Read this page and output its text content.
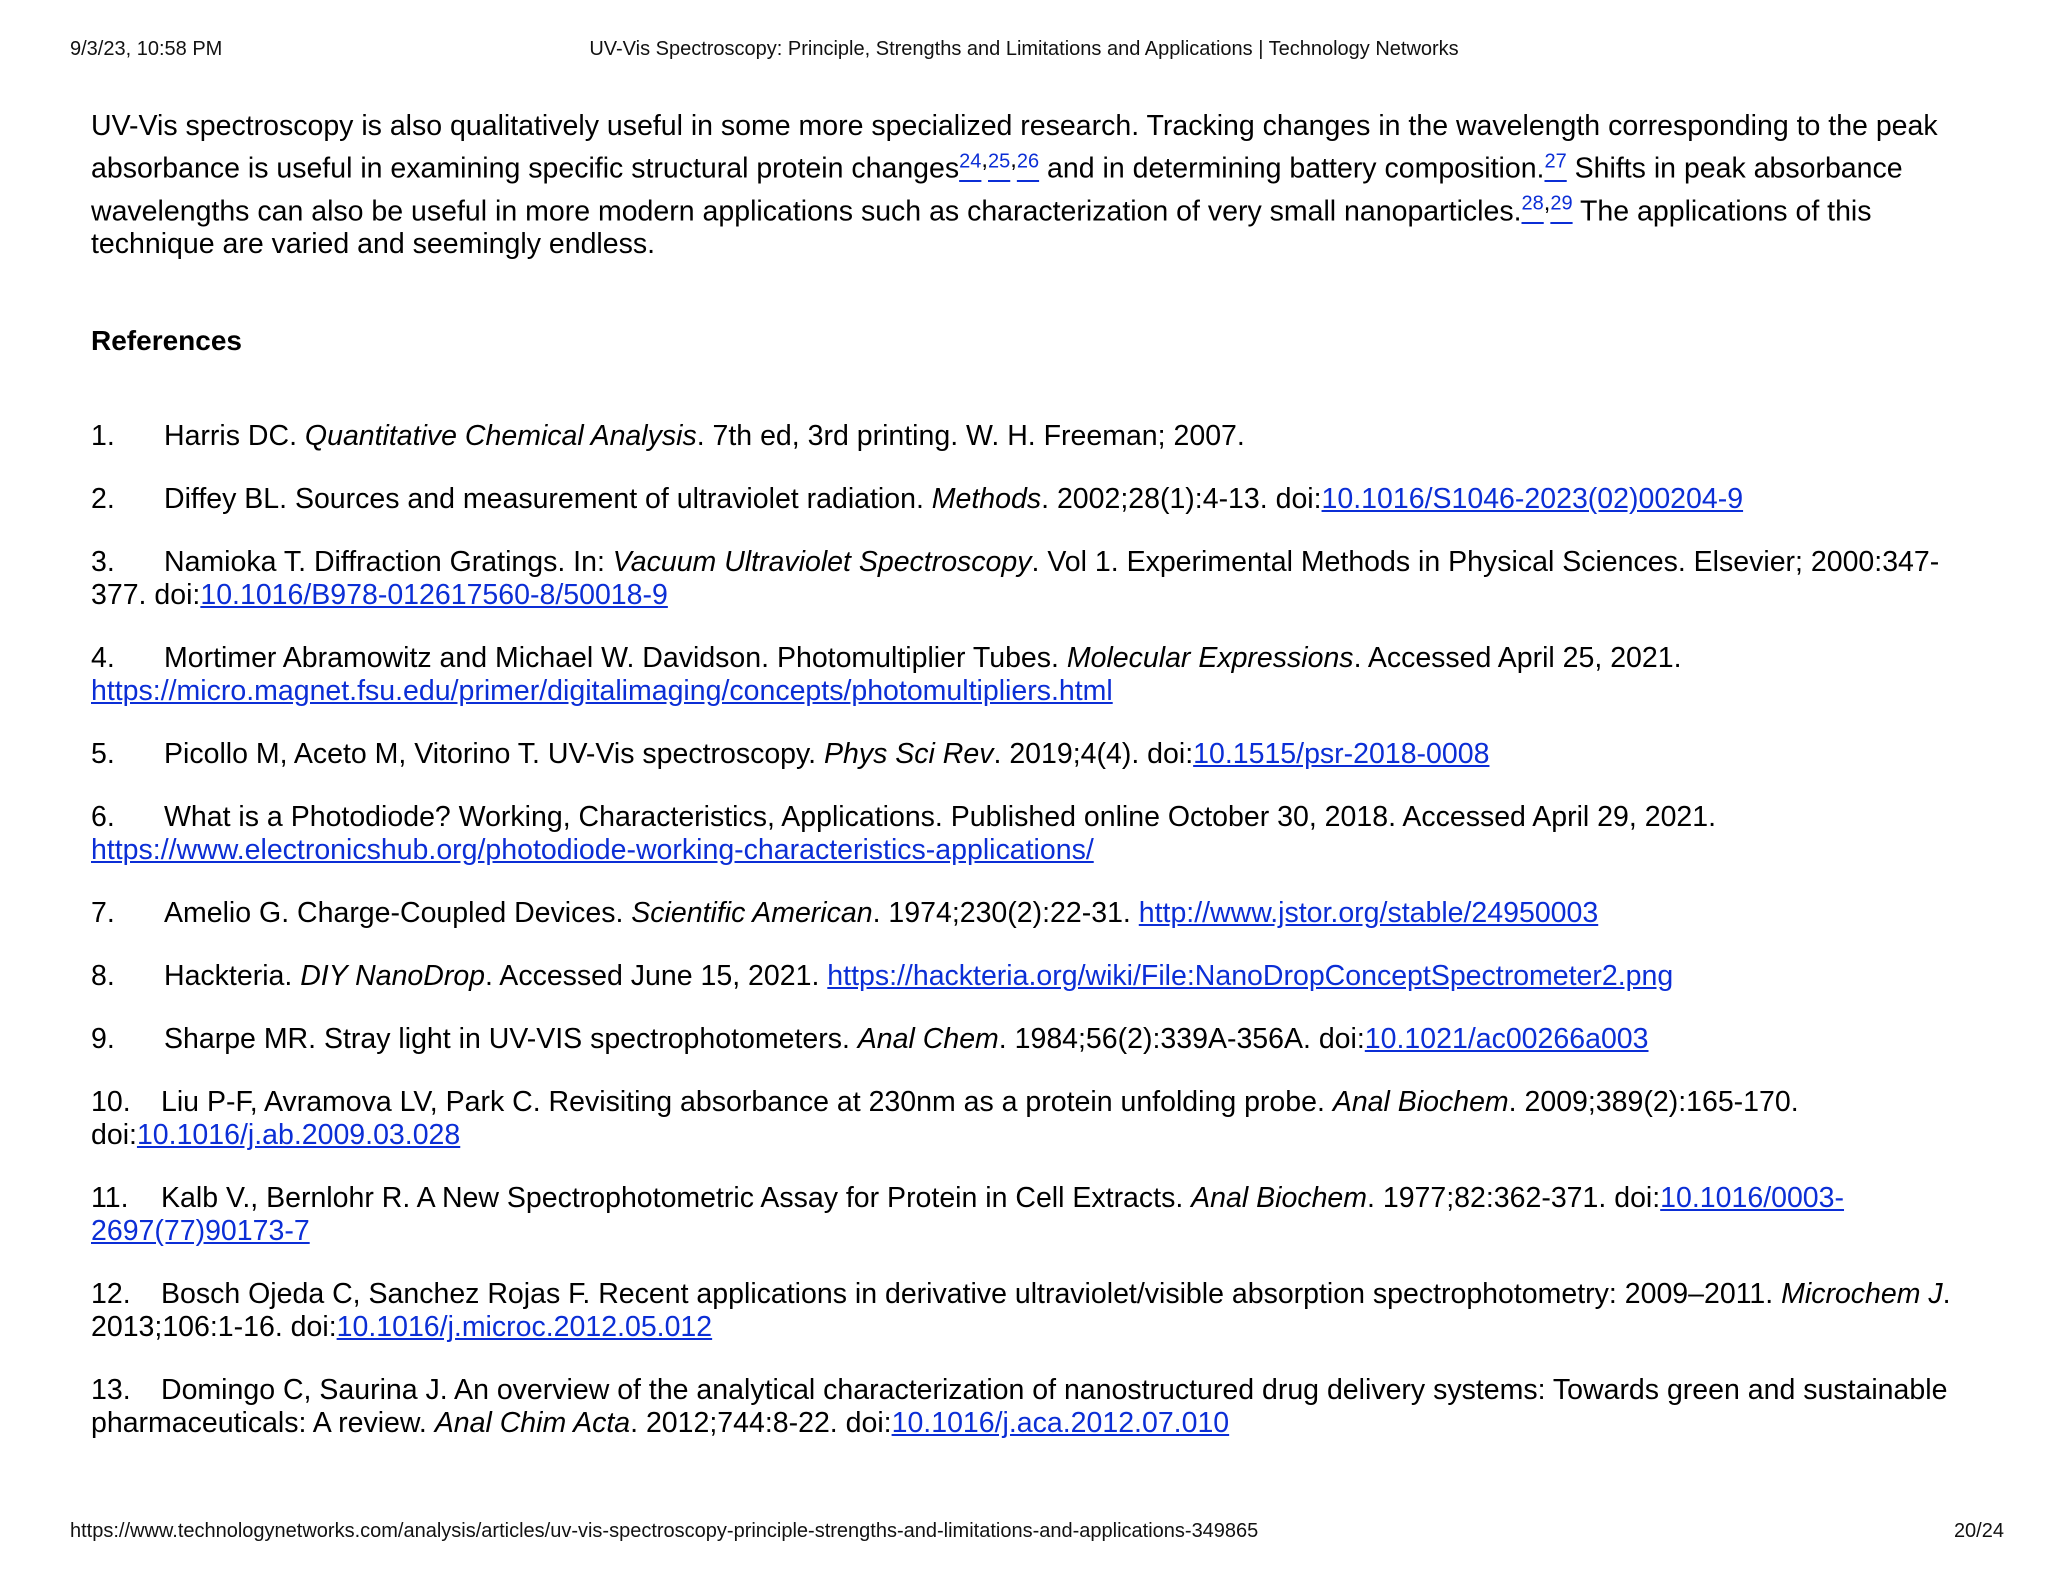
9/3/23, 10:58 PM	UV-Vis Spectroscopy: Principle, Strengths and Limitations and Applications | Technology Networks

UV-Vis spectroscopy is also qualitatively useful in some more specialized research. Tracking changes in the wavelength corresponding to the peak absorbance is useful in examining specific structural protein changes$^{24,25,26}$ and in determining battery composition.$^{27}$ Shifts in peak absorbance wavelengths can also be useful in more modern applications such as characterization of very small nanoparticles.$^{28,29}$ The applications of this technique are varied and seemingly endless.

References
1. Harris DC. Quantitative Chemical Analysis. 7th ed, 3rd printing. W. H. Freeman; 2007.
2. Diffey BL. Sources and measurement of ultraviolet radiation. Methods. 2002;28(1):4-13. doi:10.1016/S1046-2023(02)00204-9
3. Namioka T. Diffraction Gratings. In: Vacuum Ultraviolet Spectroscopy. Vol 1. Experimental Methods in Physical Sciences. Elsevier; 2000:347-377. doi:10.1016/B978-012617560-8/50018-9
4. Mortimer Abramowitz and Michael W. Davidson. Photomultiplier Tubes. Molecular Expressions. Accessed April 25, 2021. https://micro.magnet.fsu.edu/primer/digitalimaging/concepts/photomultipliers.html
5. Picollo M, Aceto M, Vitorino T. UV-Vis spectroscopy. Phys Sci Rev. 2019;4(4). doi:10.1515/psr-2018-0008
6. What is a Photodiode? Working, Characteristics, Applications. Published online October 30, 2018. Accessed April 29, 2021. https://www.electronicshub.org/photodiode-working-characteristics-applications/
7. Amelio G. Charge-Coupled Devices. Scientific American. 1974;230(2):22-31. http://www.jstor.org/stable/24950003
8. Hackteria. DIY NanoDrop. Accessed June 15, 2021. https://hackteria.org/wiki/File:NanoDropConceptSpectrometer2.png
9. Sharpe MR. Stray light in UV-VIS spectrophotometers. Anal Chem. 1984;56(2):339A-356A. doi:10.1021/ac00266a003
10. Liu P-F, Avramova LV, Park C. Revisiting absorbance at 230nm as a protein unfolding probe. Anal Biochem. 2009;389(2):165-170. doi:10.1016/j.ab.2009.03.028
11. Kalb V., Bernlohr R. A New Spectrophotometric Assay for Protein in Cell Extracts. Anal Biochem. 1977;82:362-371. doi:10.1016/0003-2697(77)90173-7
12. Bosch Ojeda C, Sanchez Rojas F. Recent applications in derivative ultraviolet/visible absorption spectrophotometry: 2009–2011. Microchem J. 2013;106:1-16. doi:10.1016/j.microc.2012.05.012
13. Domingo C, Saurina J. An overview of the analytical characterization of nanostructured drug delivery systems: Towards green and sustainable pharmaceuticals: A review. Anal Chim Acta. 2012;744:8-22. doi:10.1016/j.aca.2012.07.010
https://www.technologynetworks.com/analysis/articles/uv-vis-spectroscopy-principle-strengths-and-limitations-and-applications-349865	20/24
